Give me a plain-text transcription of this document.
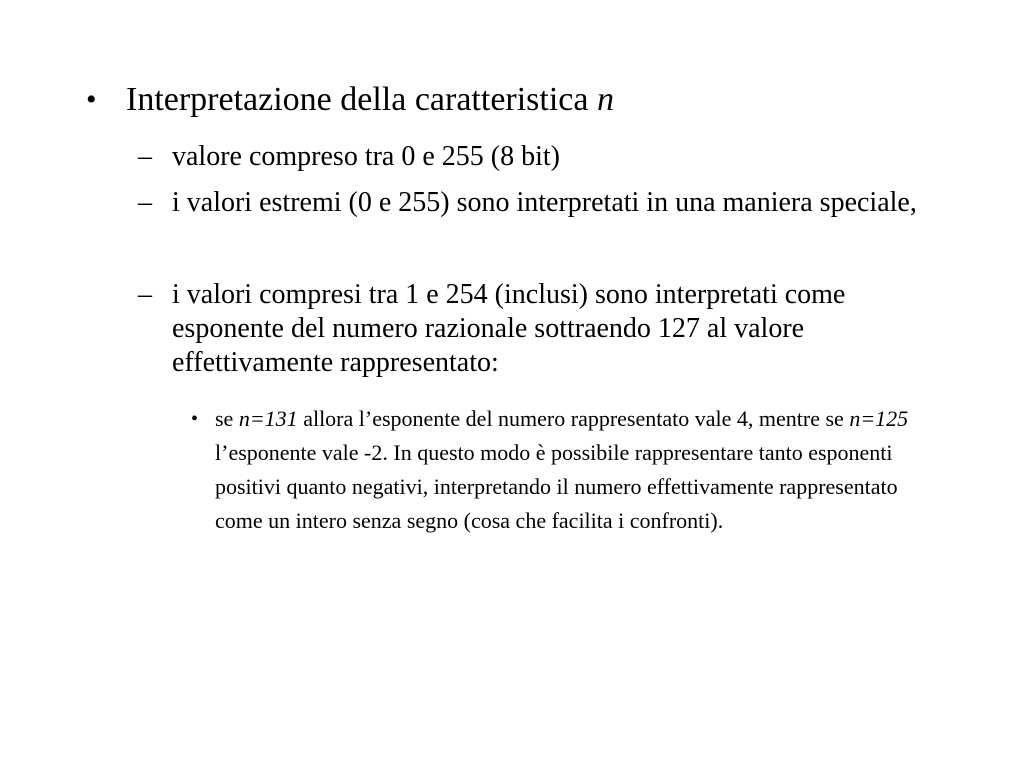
• Interpretazione della caratteristica n
– valore compreso tra 0 e 255 (8 bit)
– i valori estremi (0 e 255) sono interpretati in una maniera speciale,
– i valori compresi tra 1 e 254 (inclusi) sono interpretati come esponente del numero razionale sottraendo 127 al valore effettivamente rappresentato:
• se n=131 allora l’esponente del numero rappresentato vale 4, mentre se n=125 l’esponente vale -2. In questo modo è possibile rappresentare tanto esponenti positivi quanto negativi, interpretando il numero effettivamente rappresentato come un intero senza segno (cosa che facilita i confronti).
